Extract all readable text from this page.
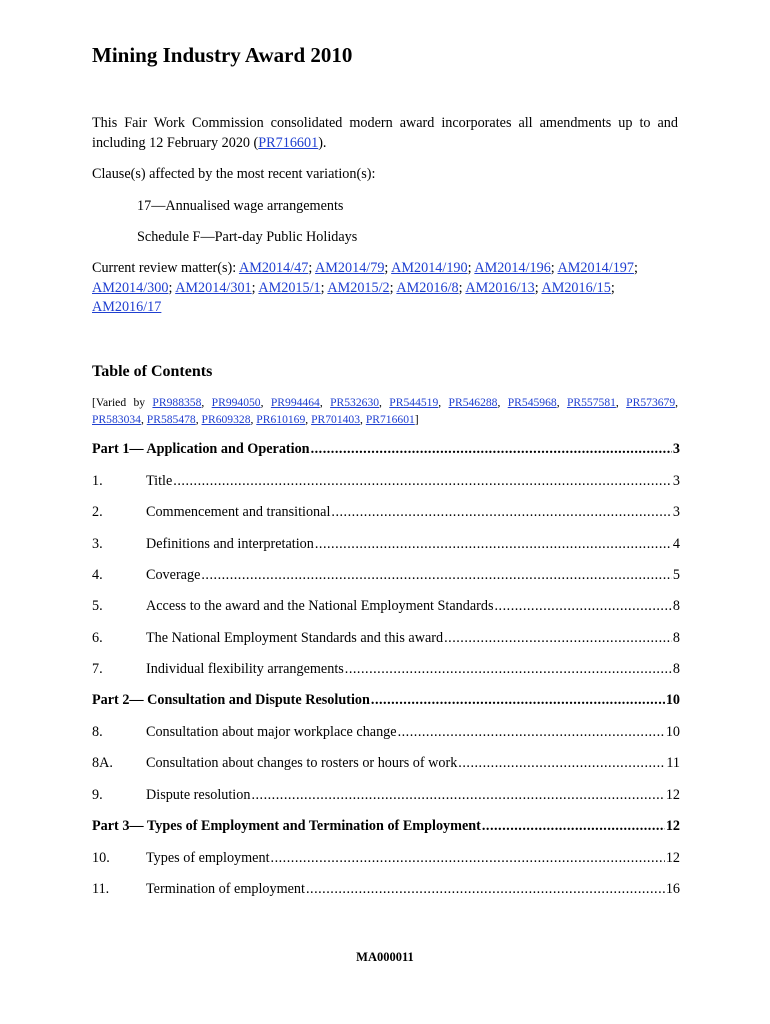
Mining Industry Award 2010

This Fair Work Commission consolidated modern award incorporates all amendments up to and including 12 February 2020 (PR716601).

Clause(s) affected by the most recent variation(s):

17—Annualised wage arrangements

Schedule F—Part-day Public Holidays

Current review matter(s): AM2014/47; AM2014/79; AM2014/190; AM2014/196; AM2014/197; AM2014/300; AM2014/301; AM2015/1; AM2015/2; AM2016/8; AM2016/13; AM2016/15; AM2016/17

Table of Contents

[Varied by PR988358, PR994050, PR994464, PR532630, PR544519, PR546288, PR545968, PR557581, PR573679, PR583034, PR585478, PR609328, PR610169, PR701403, PR716601]

Part 1— Application and Operation .....	3
1.	Title .....	3
2.	Commencement and transitional .....	3
3.	Definitions and interpretation .....	4
4.	Coverage .....	5
5.	Access to the award and the National Employment Standards .....	8
6.	The National Employment Standards and this award .....	8
7.	Individual flexibility arrangements .....	8
Part 2— Consultation and Dispute Resolution .....	10
8.	Consultation about major workplace change .....	10
8A.	Consultation about changes to rosters or hours of work .....	11
9.	Dispute resolution .....	12
Part 3— Types of Employment and Termination of Employment .....	12
10.	Types of employment .....	12
11.	Termination of employment .....	16

MA000011
